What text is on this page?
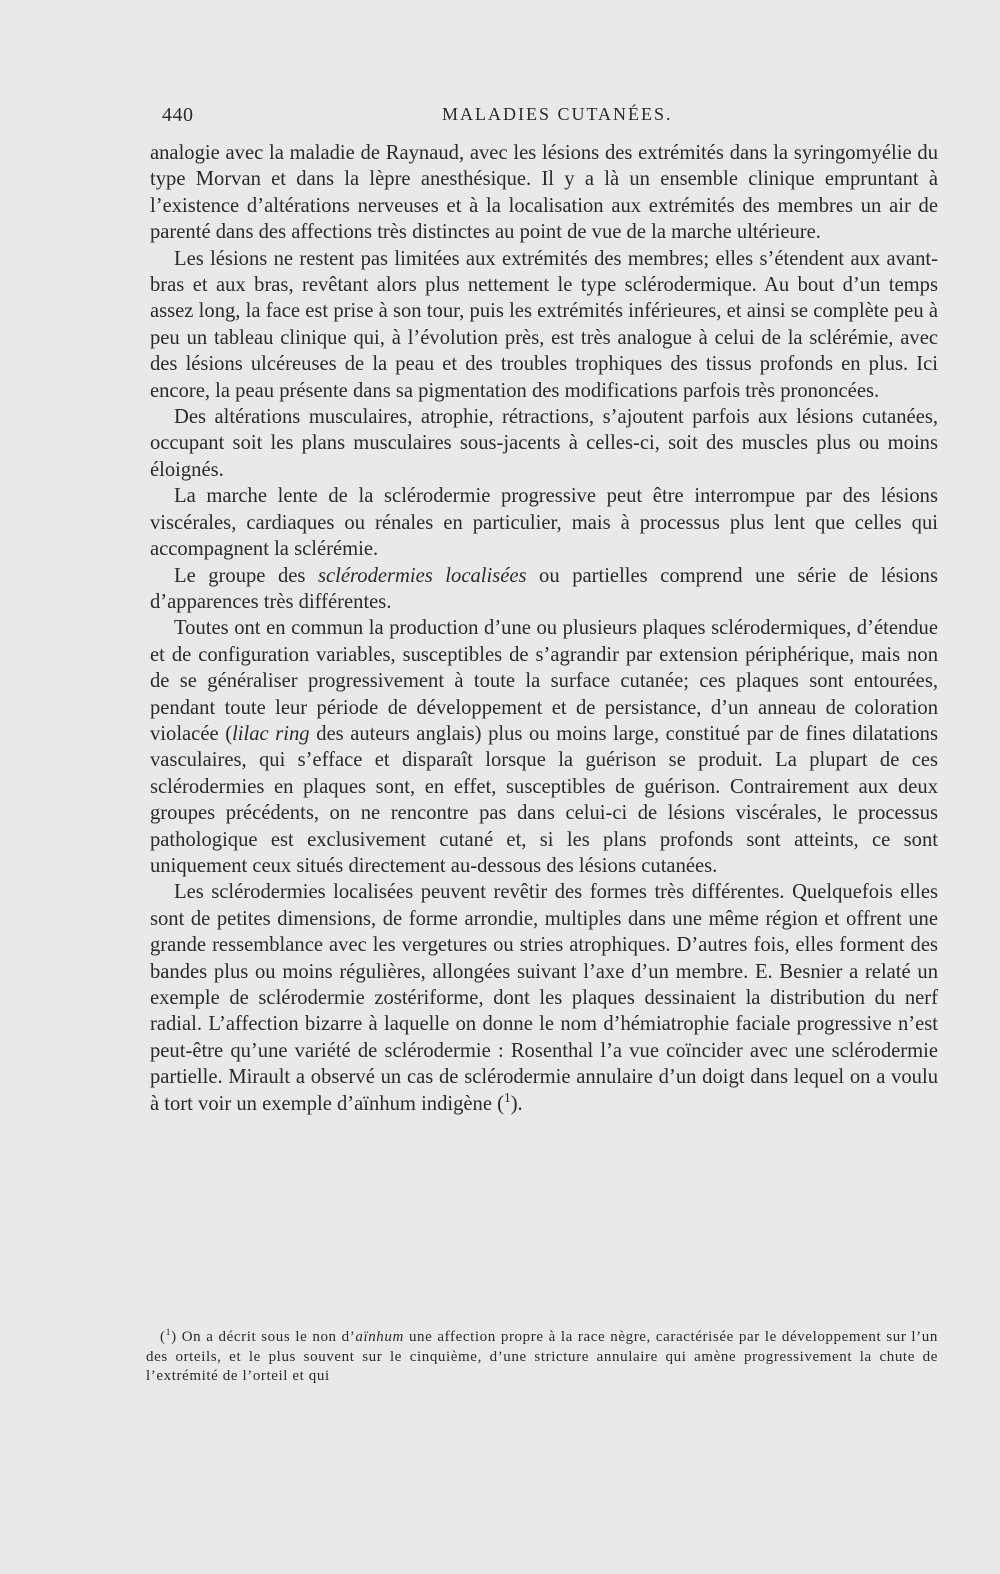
440	MALADIES CUTANÉES.

analogie avec la maladie de Raynaud, avec les lésions des extrémités dans la syringomyélie du type Morvan et dans la lèpre anesthésique. Il y a là un ensemble clinique empruntant à l’existence d’altérations nerveuses et à la localisation aux extrémités des membres un air de parenté dans des affections très distinctes au point de vue de la marche ultérieure.

Les lésions ne restent pas limitées aux extrémités des membres; elles s’étendent aux avant-bras et aux bras, revêtant alors plus nettement le type sclérodermique. Au bout d’un temps assez long, la face est prise à son tour, puis les extrémités inférieures, et ainsi se complète peu à peu un tableau clinique qui, à l’évolution près, est très analogue à celui de la sclérémie, avec des lésions ulcéreuses de la peau et des troubles trophiques des tissus profonds en plus. Ici encore, la peau présente dans sa pigmentation des modifications parfois très prononcées.

Des altérations musculaires, atrophie, rétractions, s’ajoutent parfois aux lésions cutanées, occupant soit les plans musculaires sous-jacents à celles-ci, soit des muscles plus ou moins éloignés.

La marche lente de la sclérodermie progressive peut être interrompue par des lésions viscérales, cardiaques ou rénales en particulier, mais à processus plus lent que celles qui accompagnent la sclérémie.

Le groupe des sclérodermies localisées ou partielles comprend une série de lésions d’apparences très différentes.

Toutes ont en commun la production d’une ou plusieurs plaques sclérodermiques, d’étendue et de configuration variables, susceptibles de s’agrandir par extension périphérique, mais non de se généraliser progressivement à toute la surface cutanée; ces plaques sont entourées, pendant toute leur période de développement et de persistance, d’un anneau de coloration violacée (lilac ring des auteurs anglais) plus ou moins large, constitué par de fines dilatations vasculaires, qui s’efface et disparaît lorsque la guérison se produit. La plupart de ces sclérodermies en plaques sont, en effet, susceptibles de guérison. Contrairement aux deux groupes précédents, on ne rencontre pas dans celui-ci de lésions viscérales, le processus pathologique est exclusivement cutané et, si les plans profonds sont atteints, ce sont uniquement ceux situés directement au-dessous des lésions cutanées.

Les sclérodermies localisées peuvent revêtir des formes très différentes. Quelquefois elles sont de petites dimensions, de forme arrondie, multiples dans une même région et offrent une grande ressemblance avec les vergetures ou stries atrophiques. D’autres fois, elles forment des bandes plus ou moins régulières, allongées suivant l’axe d’un membre. E. Besnier a relaté un exemple de sclérodermie zostériforme, dont les plaques dessinaient la distribution du nerf radial. L’affection bizarre à laquelle on donne le nom d’hémiatrophie faciale progressive n’est peut-être qu’une variété de sclérodermie : Rosenthal l’a vue coïncider avec une sclérodermie partielle. Mirault a observé un cas de sclérodermie annulaire d’un doigt dans lequel on a voulu à tort voir un exemple d’aïnhum indigène ($^1$).

($^1$) On a décrit sous le non d’aïnhum une affection propre à la race nègre, caractérisée par le développement sur l’un des orteils, et le plus souvent sur le cinquième, d’une stricture annulaire qui amène progressivement la chute de l’extrémité de l’orteil et qui
